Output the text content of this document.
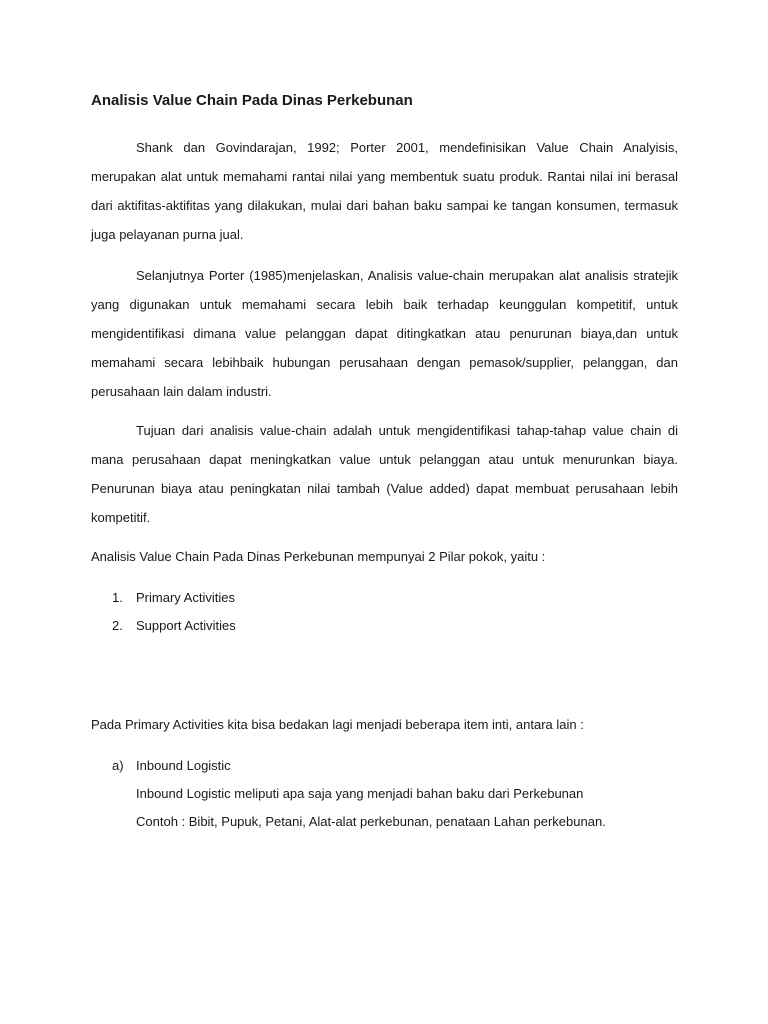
Analisis Value Chain Pada Dinas Perkebunan

Shank dan Govindarajan, 1992; Porter 2001, mendefinisikan Value Chain Analyisis, merupakan alat untuk memahami rantai nilai yang membentuk suatu produk. Rantai nilai ini berasal dari aktifitas-aktifitas yang dilakukan, mulai dari bahan baku sampai ke tangan konsumen, termasuk juga pelayanan purna jual.

Selanjutnya Porter (1985)menjelaskan, Analisis value-chain merupakan alat analisis stratejik yang digunakan untuk memahami secara lebih baik terhadap keunggulan kompetitif, untuk mengidentifikasi dimana value pelanggan dapat ditingkatkan atau penurunan biaya,dan untuk memahami secara lebihbaik hubungan perusahaan dengan pemasok/supplier, pelanggan, dan perusahaan lain dalam industri.

Tujuan dari analisis value-chain adalah untuk mengidentifikasi tahap-tahap value chain di mana perusahaan dapat meningkatkan value untuk pelanggan atau untuk menurunkan biaya. Penurunan biaya atau peningkatan nilai tambah (Value added) dapat membuat perusahaan lebih kompetitif.

Analisis Value Chain Pada Dinas Perkebunan mempunyai 2 Pilar pokok, yaitu :
1.	Primary Activities
2.	Support Activities
Pada Primary Activities kita bisa bedakan lagi menjadi beberapa item inti, antara lain :
a) Inbound Logistic
Inbound Logistic meliputi apa saja yang menjadi bahan baku dari Perkebunan
Contoh : Bibit, Pupuk, Petani, Alat-alat perkebunan, penataan Lahan perkebunan.
